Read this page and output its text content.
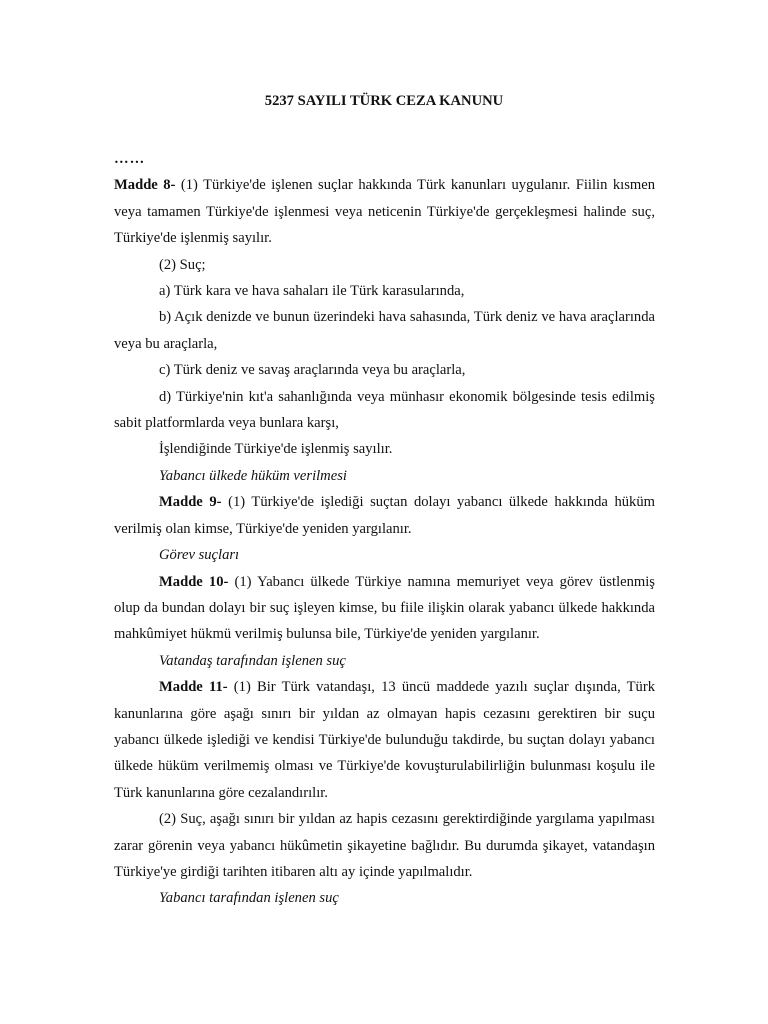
5237 SAYILI TÜRK CEZA KANUNU

……

Madde 8- (1) Türkiye'de işlenen suçlar hakkında Türk kanunları uygulanır. Fiilin kısmen veya tamamen Türkiye'de işlenmesi veya neticenin Türkiye'de gerçekleşmesi halinde suç, Türkiye'de işlenmiş sayılır.

(2) Suç;

a) Türk kara ve hava sahaları ile Türk karasularında,

b) Açık denizde ve bunun üzerindeki hava sahasında, Türk deniz ve hava araçlarında veya bu araçlarla,

c) Türk deniz ve savaş araçlarında veya bu araçlarla,

d) Türkiye'nin kıt'a sahanlığında veya münhasır ekonomik bölgesinde tesis edilmiş sabit platformlarda veya bunlara karşı,

İşlendiğinde Türkiye'de işlenmiş sayılır.

Yabancı ülkede hüküm verilmesi

Madde 9- (1) Türkiye'de işlediği suçtan dolayı yabancı ülkede hakkında hüküm verilmiş olan kimse, Türkiye'de yeniden yargılanır.

Görev suçları

Madde 10- (1) Yabancı ülkede Türkiye namına memuriyet veya görev üstlenmiş olup da bundan dolayı bir suç işleyen kimse, bu fiile ilişkin olarak yabancı ülkede hakkında mahkûmiyet hükmü verilmiş bulunsa bile, Türkiye'de yeniden yargılanır.

Vatandaş tarafından işlenen suç

Madde 11- (1) Bir Türk vatandaşı, 13 üncü maddede yazılı suçlar dışında, Türk kanunlarına göre aşağı sınırı bir yıldan az olmayan hapis cezasını gerektiren bir suçu yabancı ülkede işlediği ve kendisi Türkiye'de bulunduğu takdirde, bu suçtan dolayı yabancı ülkede hüküm verilmemiş olması ve Türkiye'de kovuşturulabilirliğin bulunması koşulu ile Türk kanunlarına göre cezalandırılır.

(2) Suç, aşağı sınırı bir yıldan az hapis cezasını gerektirdiğinde yargılama yapılması zarar görenin veya yabancı hükûmetin şikayetine bağlıdır. Bu durumda şikayet, vatandaşın Türkiye'ye girdiği tarihten itibaren altı ay içinde yapılmalıdır.

Yabancı tarafından işlenen suç
